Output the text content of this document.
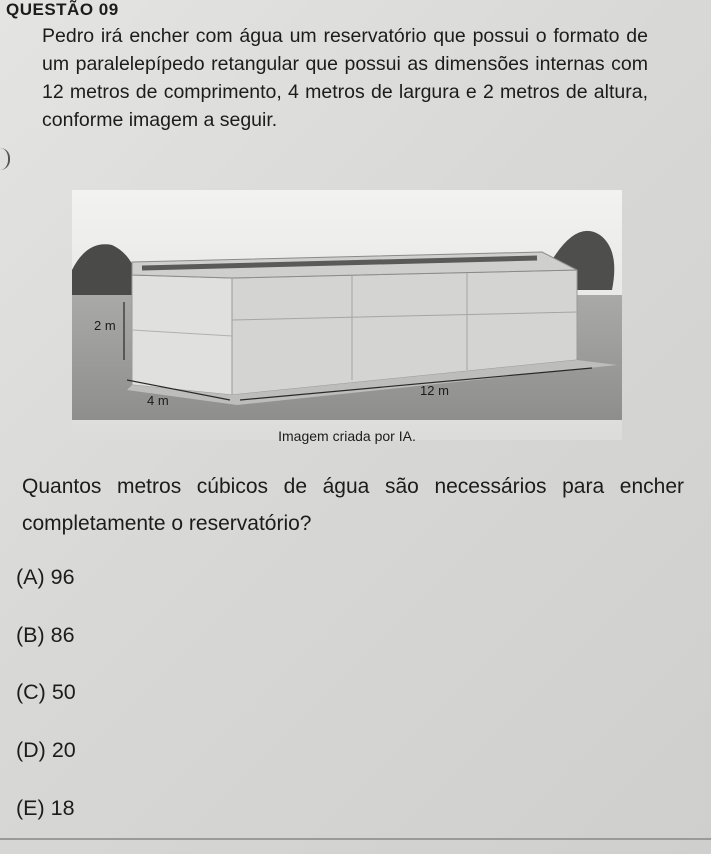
QUESTÃO 09

Pedro irá encher com água um reservatório que possui o formato de um paralelepípedo retangular que possui as dimensões internas com 12 metros de comprimento, 4 metros de largura e 2 metros de altura, conforme imagem a seguir.

2 m
4 m
12 m
Imagem criada por IA.

Quantos metros cúbicos de água são necessários para encher completamente o reservatório?

(A) 96
(B) 86
(C) 50
(D) 20
(E) 18
